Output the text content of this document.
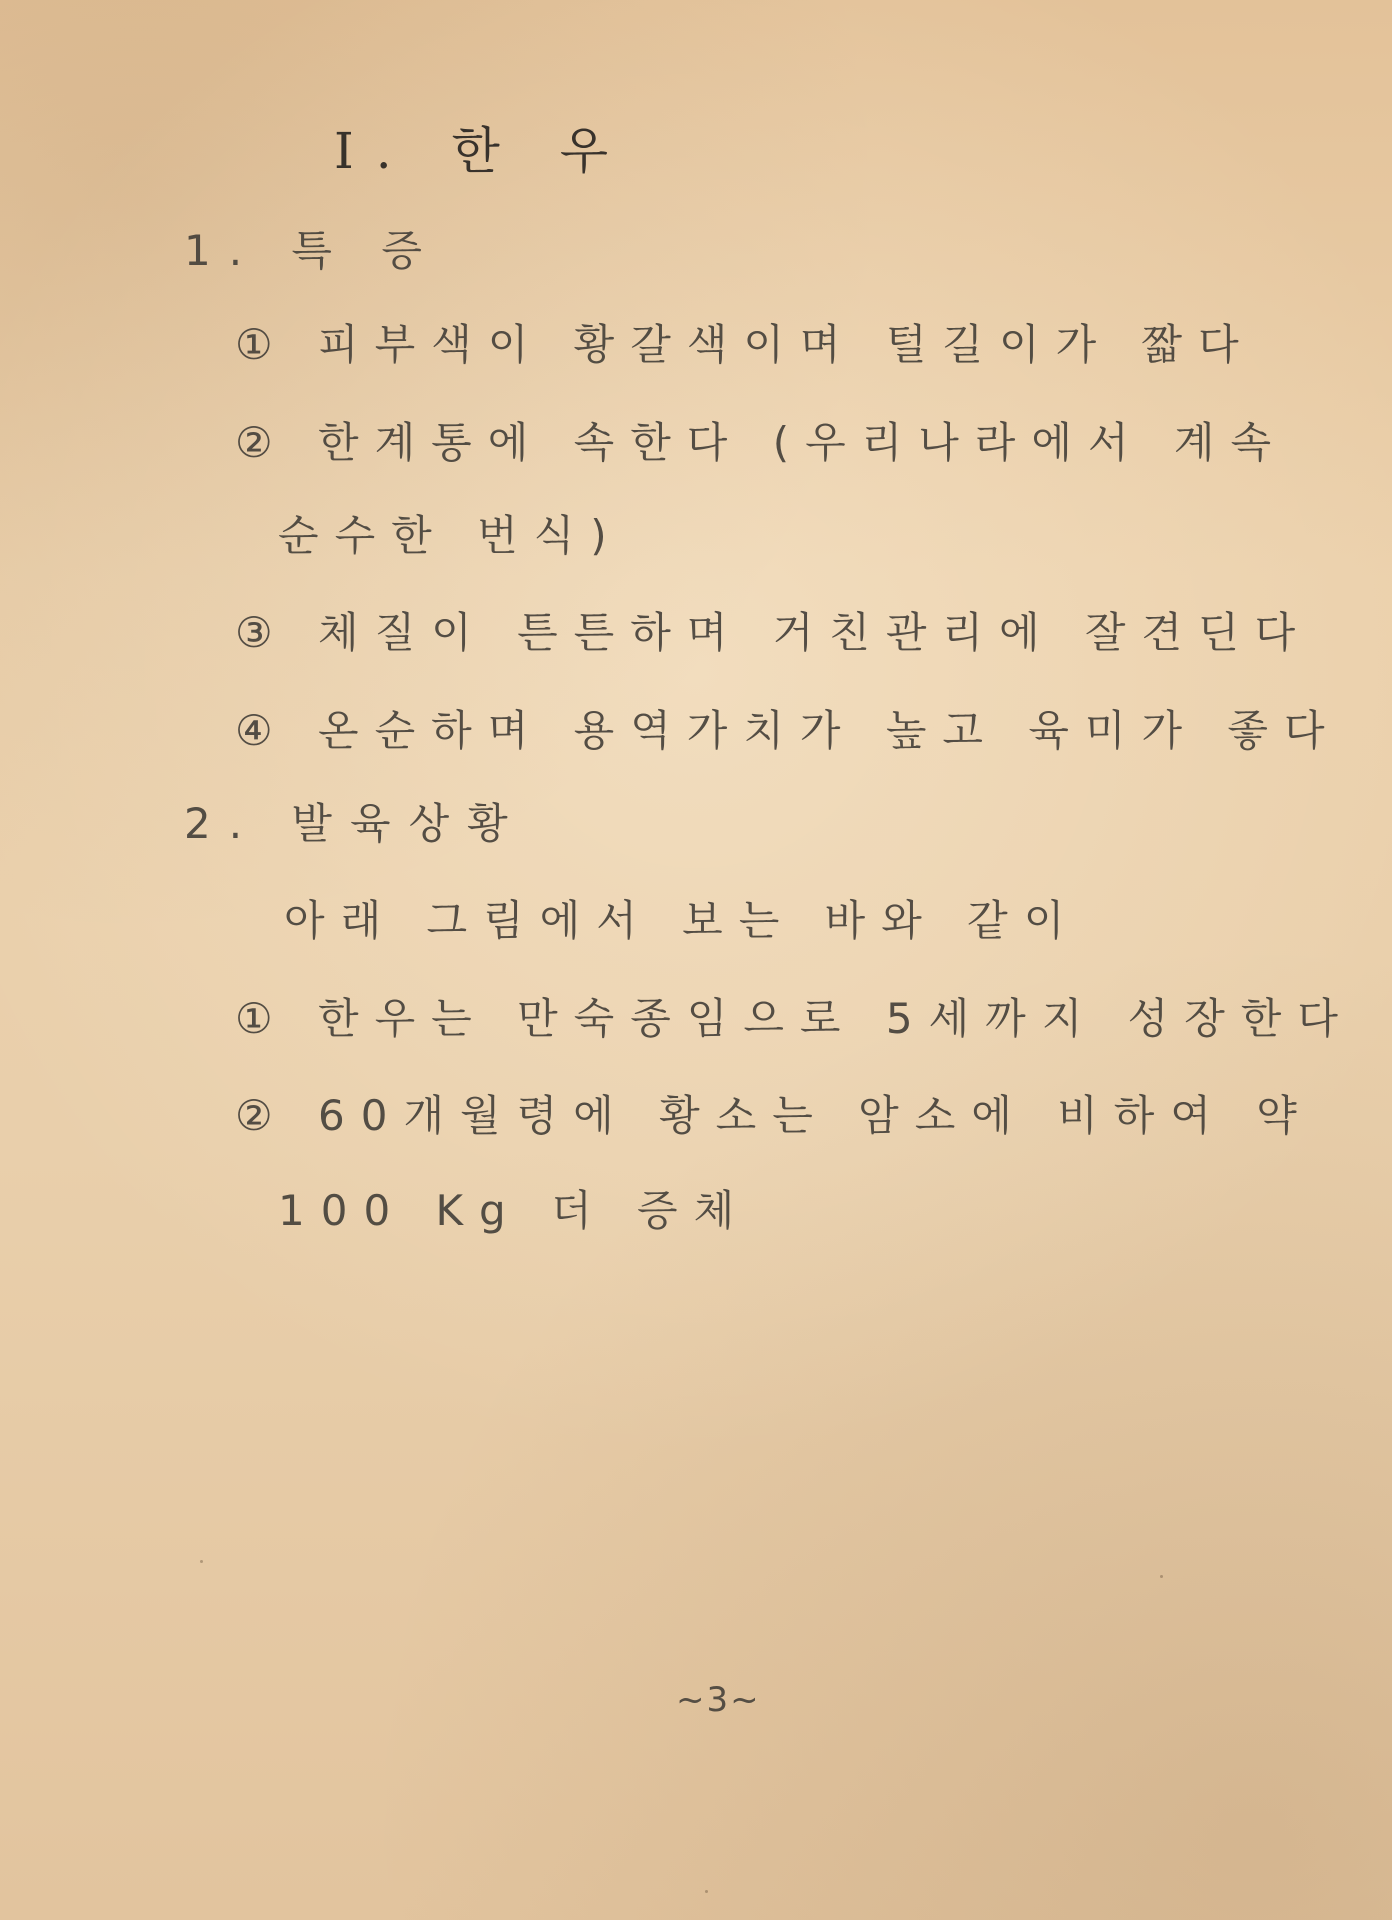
I. 한 우
1. 특 증
① 피부색이 황갈색이며 털길이가 짧다
② 한계통에 속한다 (우리나라에서 계속
순수한 번식)
③ 체질이 튼튼하며 거친관리에 잘견딘다
④ 온순하며 용역가치가 높고 육미가 좋다
2. 발육상황
아래 그림에서 보는 바와 같이
① 한우는 만숙종임으로 5세까지 성장한다
② 60개월령에 황소는 암소에 비하여 약
100 Kg 더 증체
~3~
